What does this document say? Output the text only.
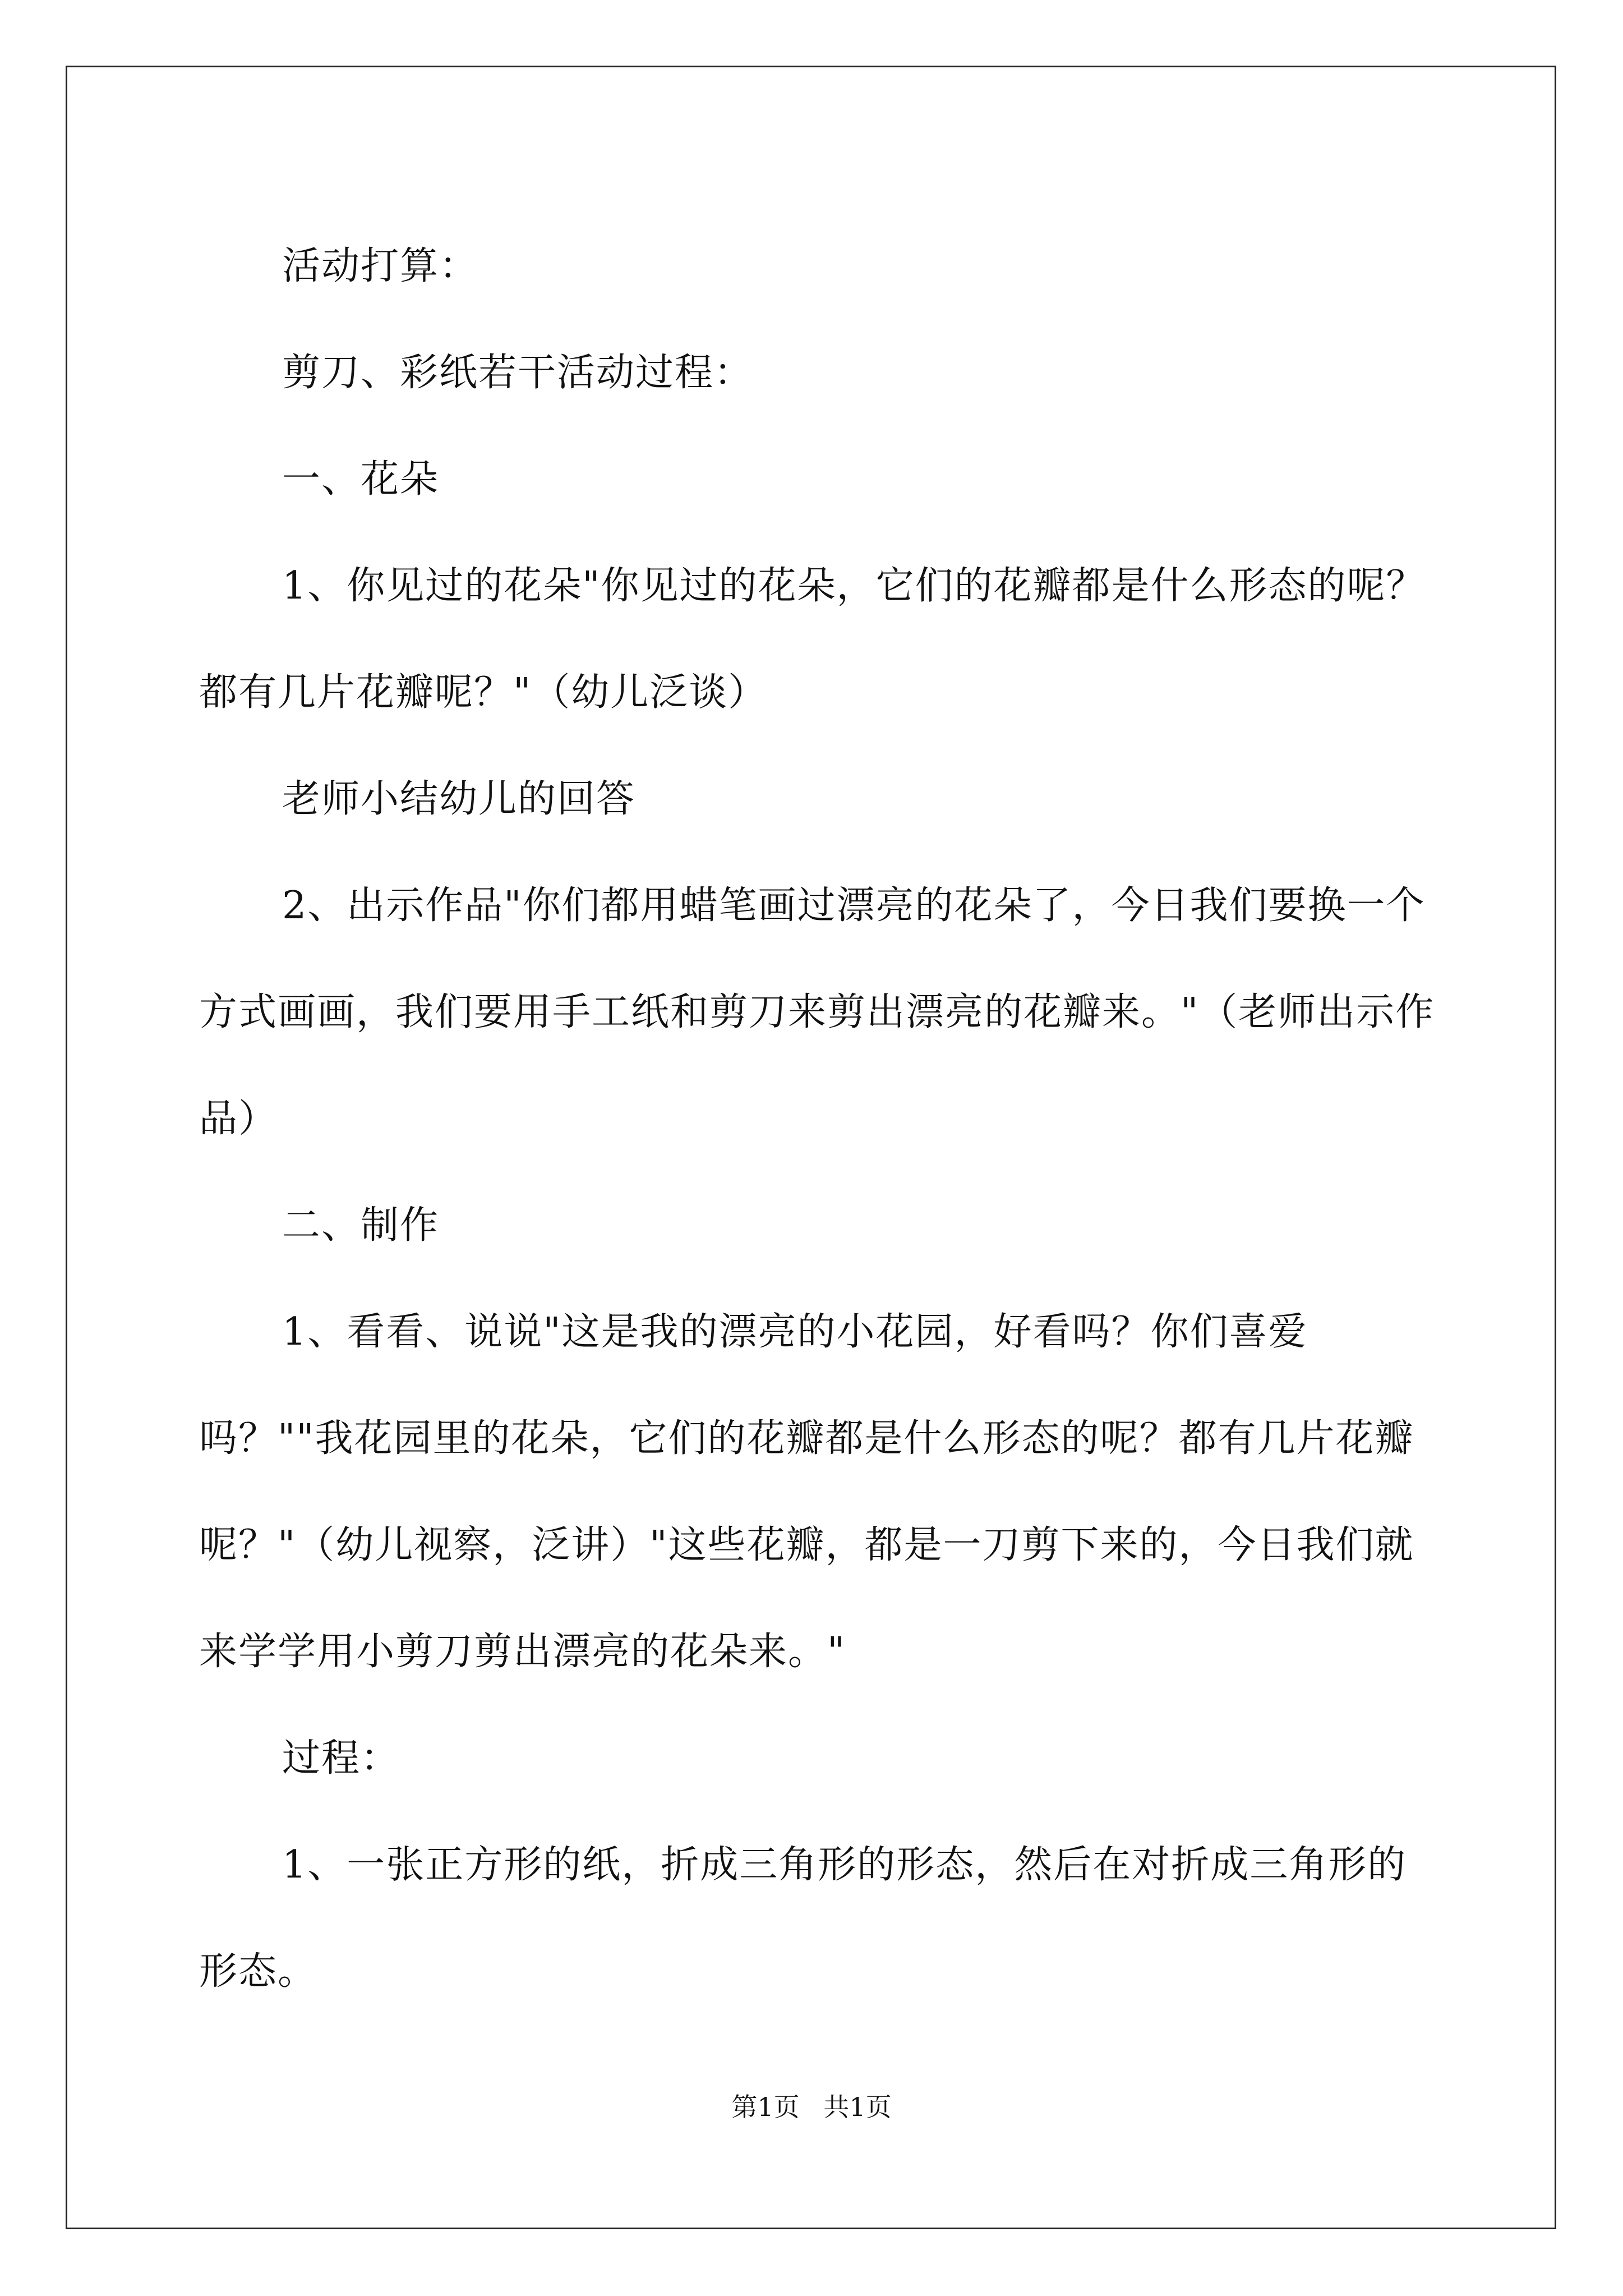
活动打算：

剪刀、彩纸若干活动过程：

一、花朵

1、你见过的花朵"你见过的花朵，它们的花瓣都是什么形态的呢？都有几片花瓣呢？"（幼儿泛谈）

老师小结幼儿的回答

2、出示作品"你们都用蜡笔画过漂亮的花朵了，今日我们要换一个方式画画，我们要用手工纸和剪刀来剪出漂亮的花瓣来。"（老师出示作品）

二、制作

1、看看、说说"这是我的漂亮的小花园，好看吗？你们喜爱吗？""我花园里的花朵，它们的花瓣都是什么形态的呢？都有几片花瓣呢？"（幼儿视察，泛讲）"这些花瓣，都是一刀剪下来的，今日我们就来学学用小剪刀剪出漂亮的花朵来。"

过程：

1、一张正方形的纸，折成三角形的形态，然后在对折成三角形的形态。

第1页 共1页
